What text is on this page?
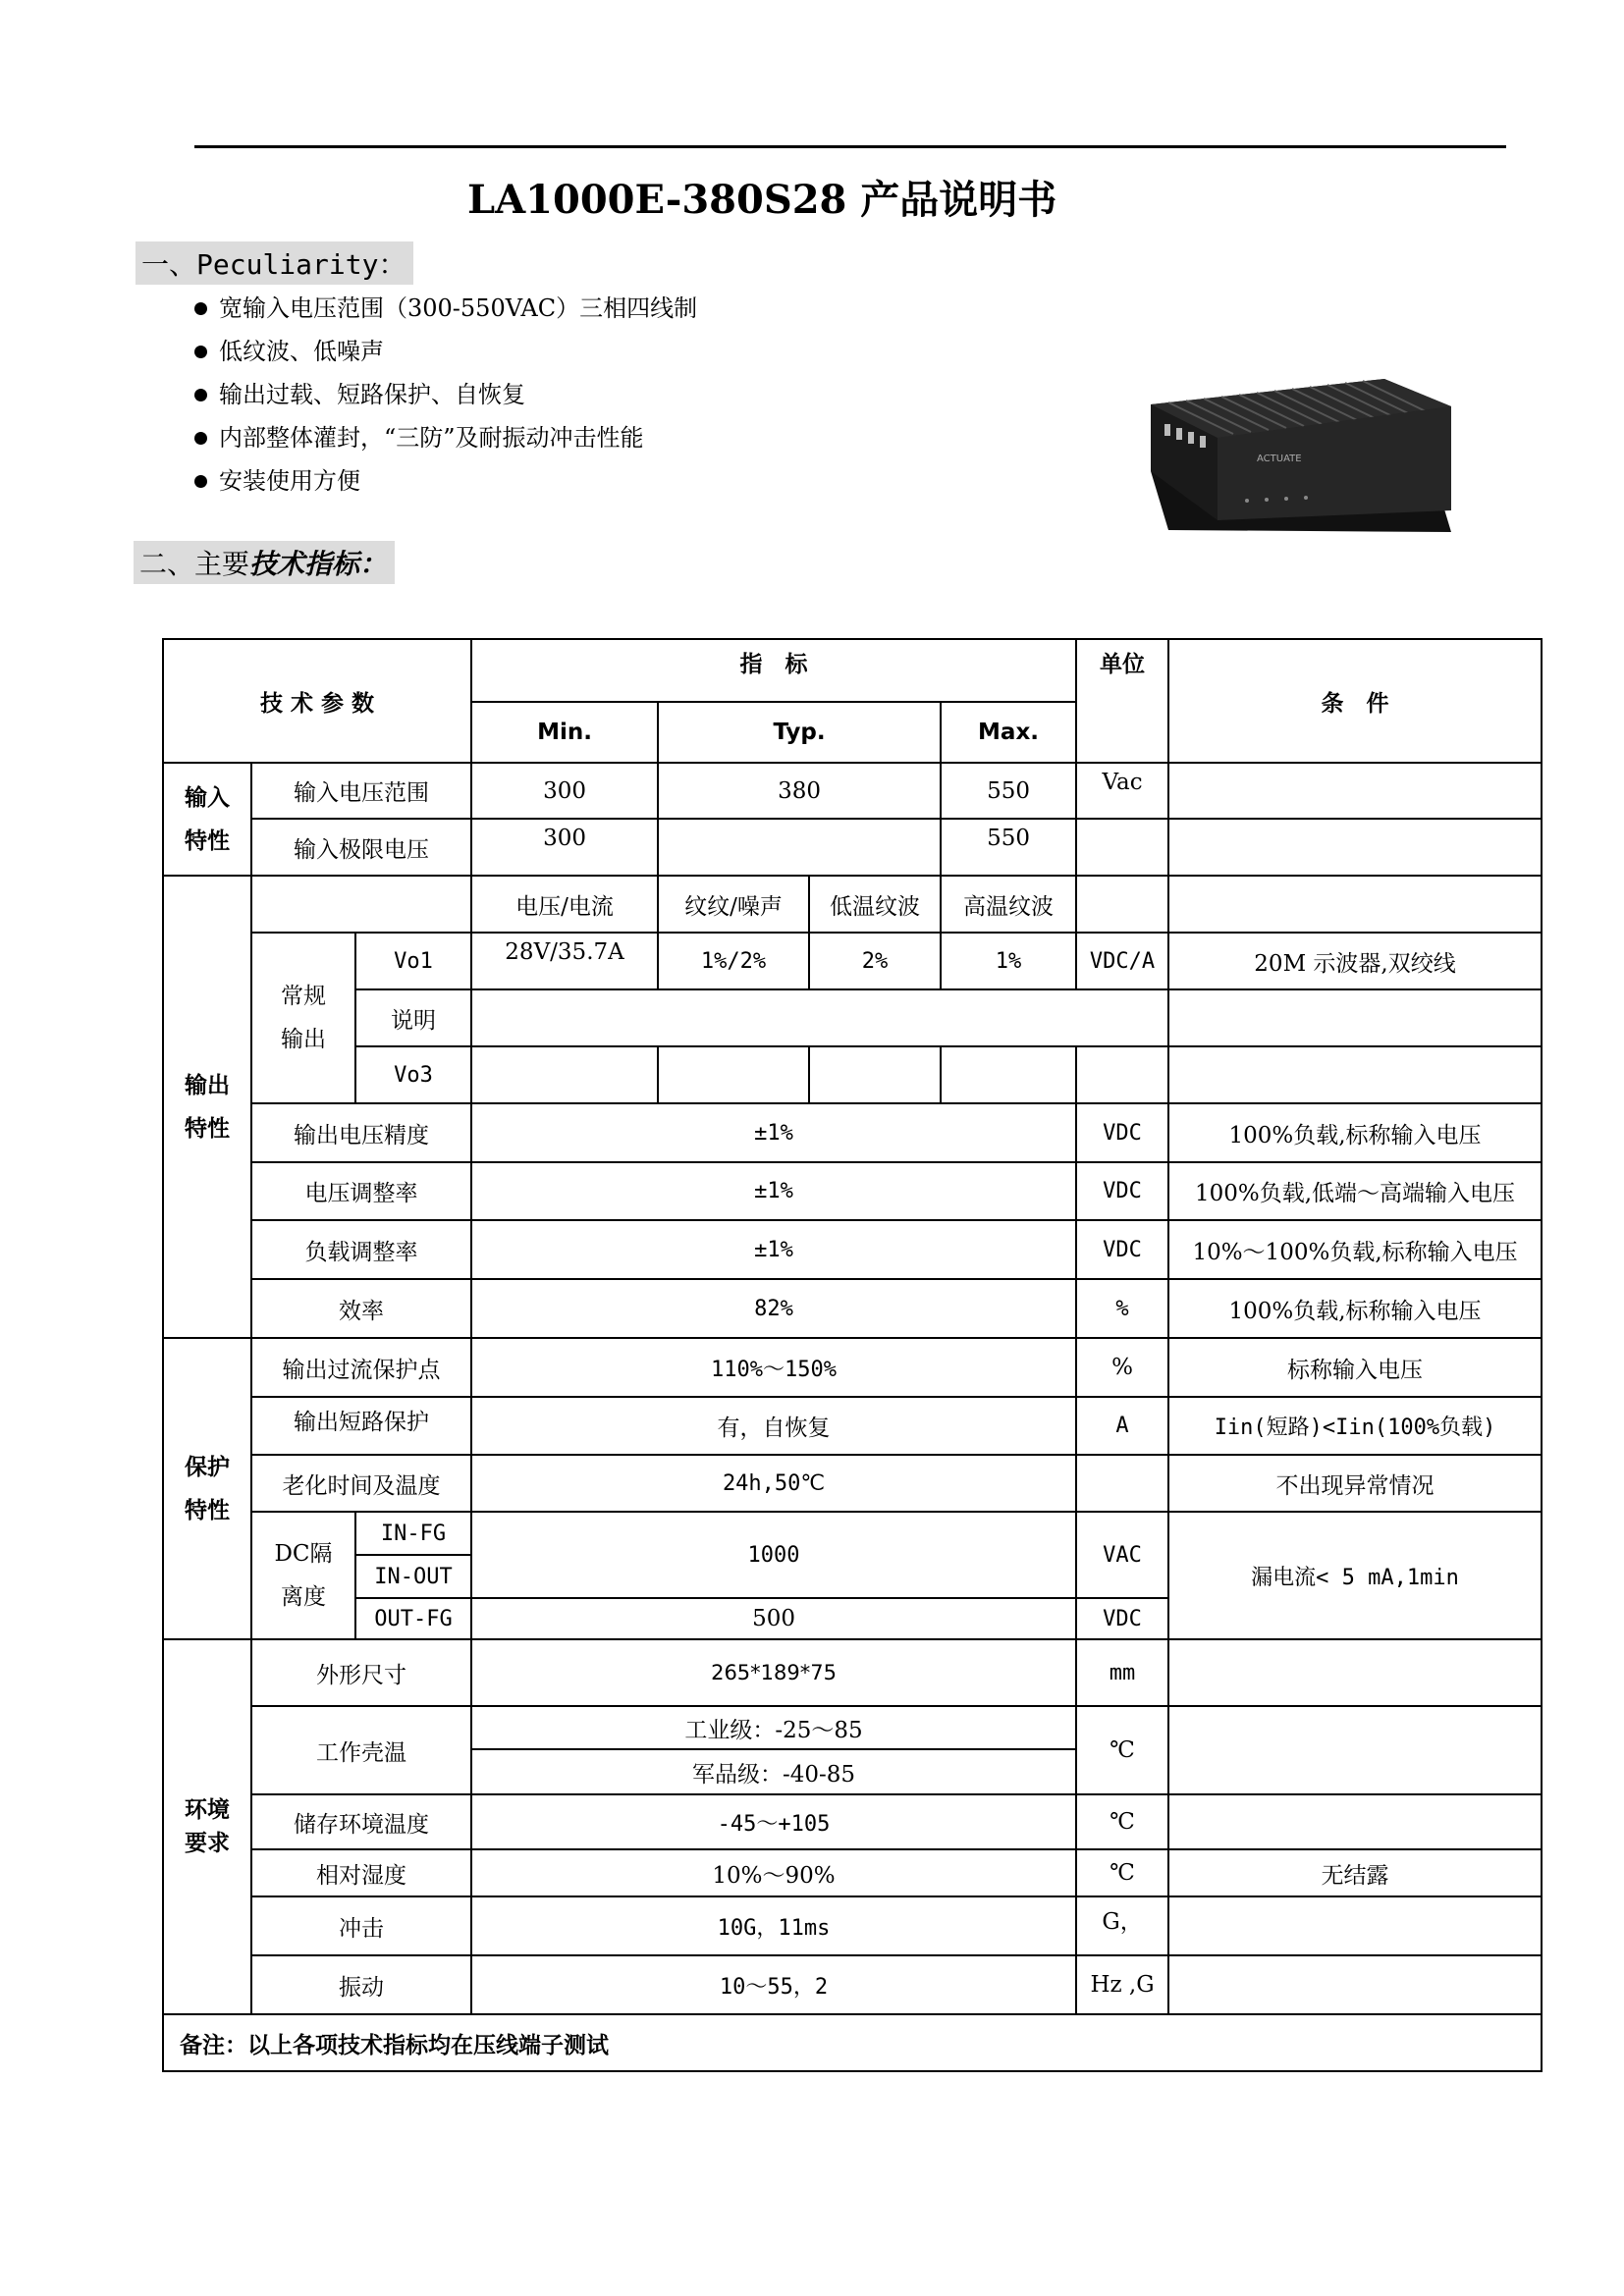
LA1000E-380S28 产品说明书
一、Peculiarity：
宽输入电压范围（300-550VAC）三相四线制
低纹波、低噪声
输出过载、短路保护、自恢复
内部整体灌封，“三防”及耐振动冲击性能
安装使用方便
ACTUATE
二、主要技术指标：
技 术 参 数			指　标				单位	条　件
			Min.	Typ.		Max.		
输入
特性	输入电压范围		300	380		550	Vac	
	输入极限电压		300			550		
输出
特性			电压/电流	纹纹/噪声	低温纹波	高温纹波		
	常规
输出	Vo1	28V/35.7A	1%/2%	2%	1%	VDC/A	20M 示波器,双绞线
		说明						
		Vo3						
	输出电压精度		±1%				VDC	100%负载,标称输入电压
	电压调整率		±1%				VDC	100%负载,低端～高端输入电压
	负载调整率		±1%				VDC	10%～100%负载,标称输入电压
	效率		82%				%	100%负载,标称输入电压
保护
特性	输出过流保护点		110%～150%				%	标称输入电压
	输出短路保护		有，自恢复				A	Iin(短路)<Iin(100%负载)
	老化时间及温度		24h,50℃					不出现异常情况
	DC隔
离度	IN-FG	1000				VAC	漏电流< 5 mA,1min
		IN-OUT						
		OUT-FG	500				VDC	
环境
要求	外形尺寸		265*189*75				mm	
	工作壳温		工业级：-25～85				℃	
			军品级：-40-85					
	储存环境温度		-45～+105				℃	
	相对湿度		10%～90%				℃	无结露
	冲击		10G，11ms				G，	
	振动		10～55，2				Hz ,G	
备注：以上各项技术指标均在压线端子测试								
